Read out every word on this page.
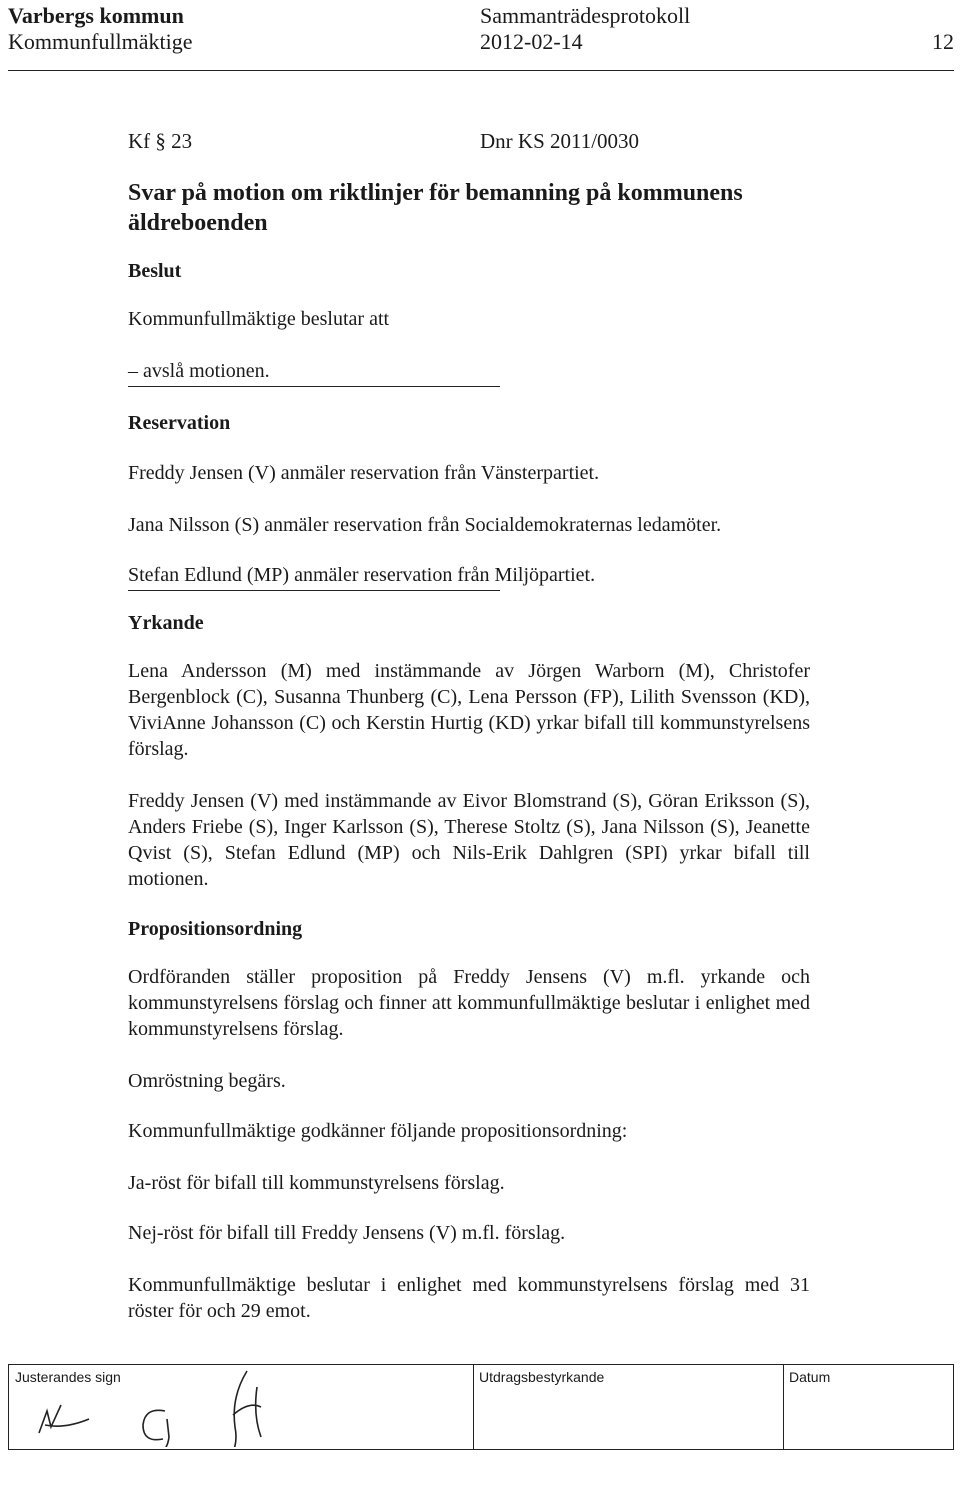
Varbergs kommun
Kommunfullmäktige
Sammanträdesprotokoll
2012-02-14	12
Kf § 23	Dnr KS 2011/0030
Svar på motion om riktlinjer för bemanning på kommunens
äldreboenden
Beslut
Kommunfullmäktige beslutar att
– avslå motionen.
Reservation
Freddy Jensen (V) anmäler reservation från Vänsterpartiet.
Jana Nilsson (S) anmäler reservation från Socialdemokraternas ledamöter.
Stefan Edlund (MP) anmäler reservation från Miljöpartiet.
Yrkande
Lena Andersson (M) med instämmande av Jörgen Warborn (M), Christofer Bergenblock (C), Susanna Thunberg (C), Lena Persson (FP), Lilith Svensson (KD), ViviAnne Johansson (C) och Kerstin Hurtig (KD) yrkar bifall till kommunstyrelsens förslag.
Freddy Jensen (V) med instämmande av Eivor Blomstrand (S), Göran Eriksson (S), Anders Friebe (S), Inger Karlsson (S), Therese Stoltz (S), Jana Nilsson (S), Jeanette Qvist (S), Stefan Edlund (MP) och Nils-Erik Dahlgren (SPI) yrkar bifall till motionen.
Propositionsordning
Ordföranden ställer proposition på Freddy Jensens (V) m.fl. yrkande och kommunstyrelsens förslag och finner att kommunfullmäktige beslutar i enlighet med kommunstyrelsens förslag.
Omröstning begärs.
Kommunfullmäktige godkänner följande propositionsordning:
Ja-röst för bifall till kommunstyrelsens förslag.
Nej-röst för bifall till Freddy Jensens (V) m.fl. förslag.
Kommunfullmäktige beslutar i enlighet med kommunstyrelsens förslag med 31 röster för och 29 emot.
Justerandes sign	Utdragsbestyrkande	Datum
